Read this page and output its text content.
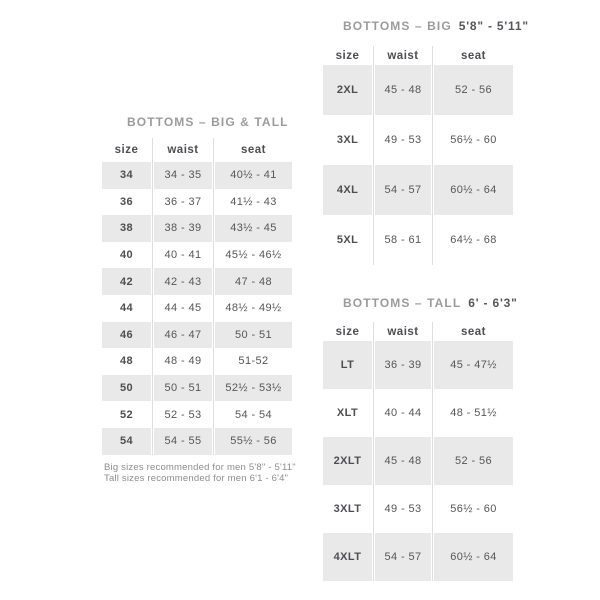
BOTTOMS – BIG & TALL
size	waist	seat
34	34 - 35	40½ - 41
36	36 - 37	41½ - 43
38	38 - 39	43½ - 45
40	40 - 41	45½ - 46½
42	42 - 43	47 - 48
44	44 - 45	48½ - 49½
46	46 - 47	50 - 51
48	48 - 49	51-52
50	50 - 51	52½ - 53½
52	52 - 53	54 - 54
54	54 - 55	55½ - 56
BOTTOMS – BIG 5'8" - 5'11"
size	waist	seat
2XL	45 - 48	52 - 56
3XL	49 - 53	56½ - 60
4XL	54 - 57	60½ - 64
5XL	58 - 61	64½ - 68
BOTTOMS – TALL 6' - 6'3"
size	waist	seat
LT	36 - 39	45 - 47½
XLT	40 - 44	48 - 51½
2XLT	45 - 48	52 - 56
3XLT	49 - 53	56½ - 60
4XLT	54 - 57	60½ - 64
Big sizes recommended for men 5'8" - 5'11"
Tall sizes recommended for men 6'1 - 6'4"
